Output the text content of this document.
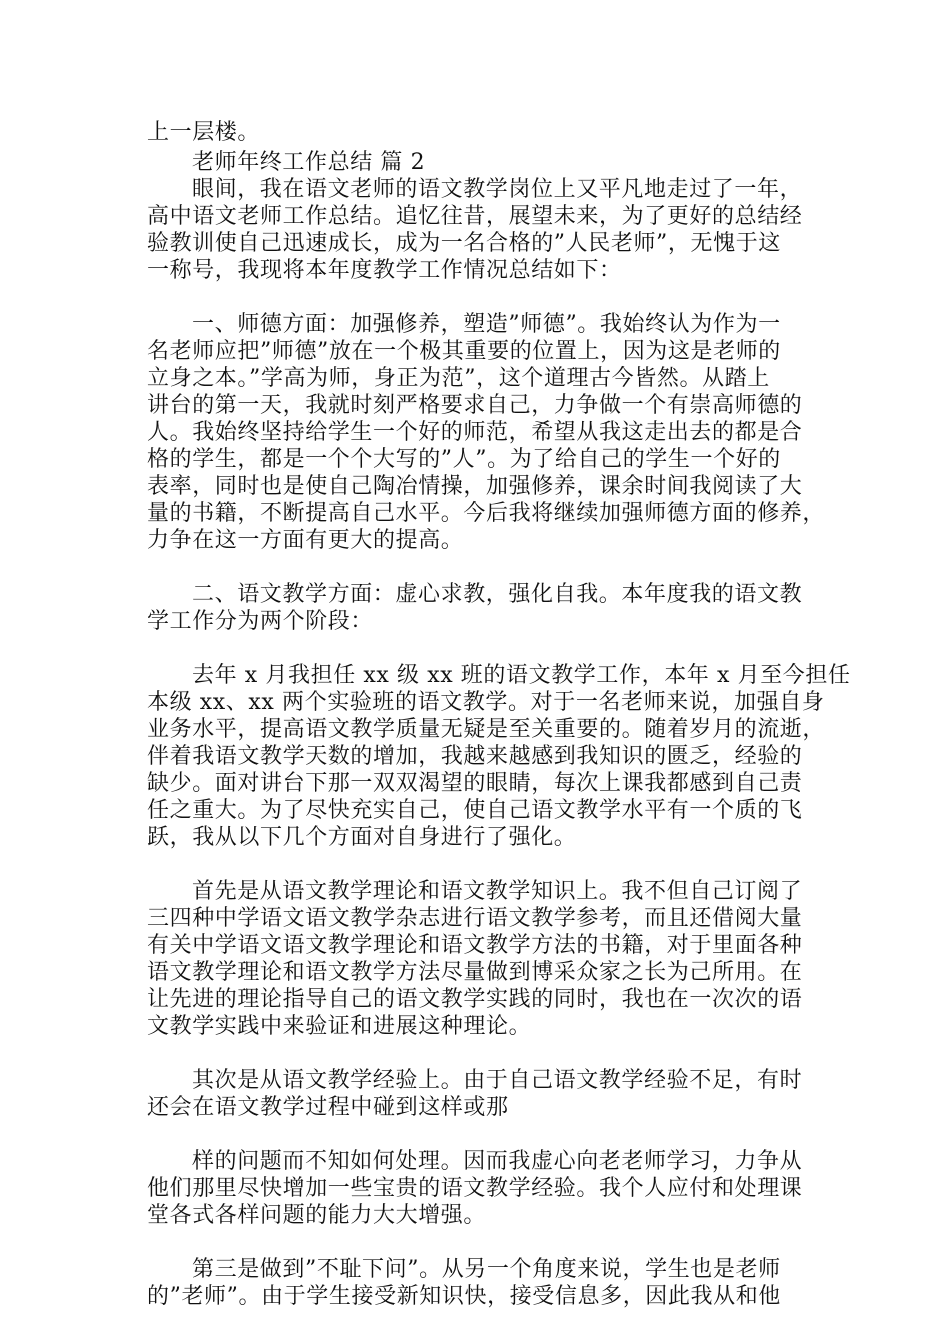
上一层楼。
老师年终工作总结 篇 2
眼间，我在语文老师的语文教学岗位上又平凡地走过了一年，
高中语文老师工作总结。追忆往昔，展望未来，为了更好的总结经
验教训使自己迅速成长，成为一名合格的”人民老师”，无愧于这
一称号，我现将本年度教学工作情况总结如下：
一、师德方面：加强修养，塑造”师德”。我始终认为作为一
名老师应把”师德”放在一个极其重要的位置上，因为这是老师的
立身之本。”学高为师，身正为范”，这个道理古今皆然。从踏上
讲台的第一天，我就时刻严格要求自己，力争做一个有崇高师德的
人。我始终坚持给学生一个好的师范，希望从我这走出去的都是合
格的学生，都是一个个大写的”人”。为了给自己的学生一个好的
表率，同时也是使自己陶冶情操，加强修养，课余时间我阅读了大
量的书籍，不断提高自己水平。今后我将继续加强师德方面的修养，
力争在这一方面有更大的提高。
二、语文教学方面：虚心求教，强化自我。本年度我的语文教
学工作分为两个阶段：
去年 x 月我担任 xx 级 xx 班的语文教学工作，本年 x 月至今担任
本级 xx、xx 两个实验班的语文教学。对于一名老师来说，加强自身
业务水平，提高语文教学质量无疑是至关重要的。随着岁月的流逝，
伴着我语文教学天数的增加，我越来越感到我知识的匮乏，经验的
缺少。面对讲台下那一双双渴望的眼睛，每次上课我都感到自己责
任之重大。为了尽快充实自己，使自己语文教学水平有一个质的飞
跃，我从以下几个方面对自身进行了强化。
首先是从语文教学理论和语文教学知识上。我不但自己订阅了
三四种中学语文语文教学杂志进行语文教学参考，而且还借阅大量
有关中学语文语文教学理论和语文教学方法的书籍，对于里面各种
语文教学理论和语文教学方法尽量做到博采众家之长为己所用。在
让先进的理论指导自己的语文教学实践的同时，我也在一次次的语
文教学实践中来验证和进展这种理论。
其次是从语文教学经验上。由于自己语文教学经验不足，有时
还会在语文教学过程中碰到这样或那
样的问题而不知如何处理。因而我虚心向老老师学习，力争从
他们那里尽快增加一些宝贵的语文教学经验。我个人应付和处理课
堂各式各样问题的能力大大增强。
第三是做到”不耻下问”。从另一个角度来说，学生也是老师
的”老师”。由于学生接受新知识快，接受信息多，因此我从和他
